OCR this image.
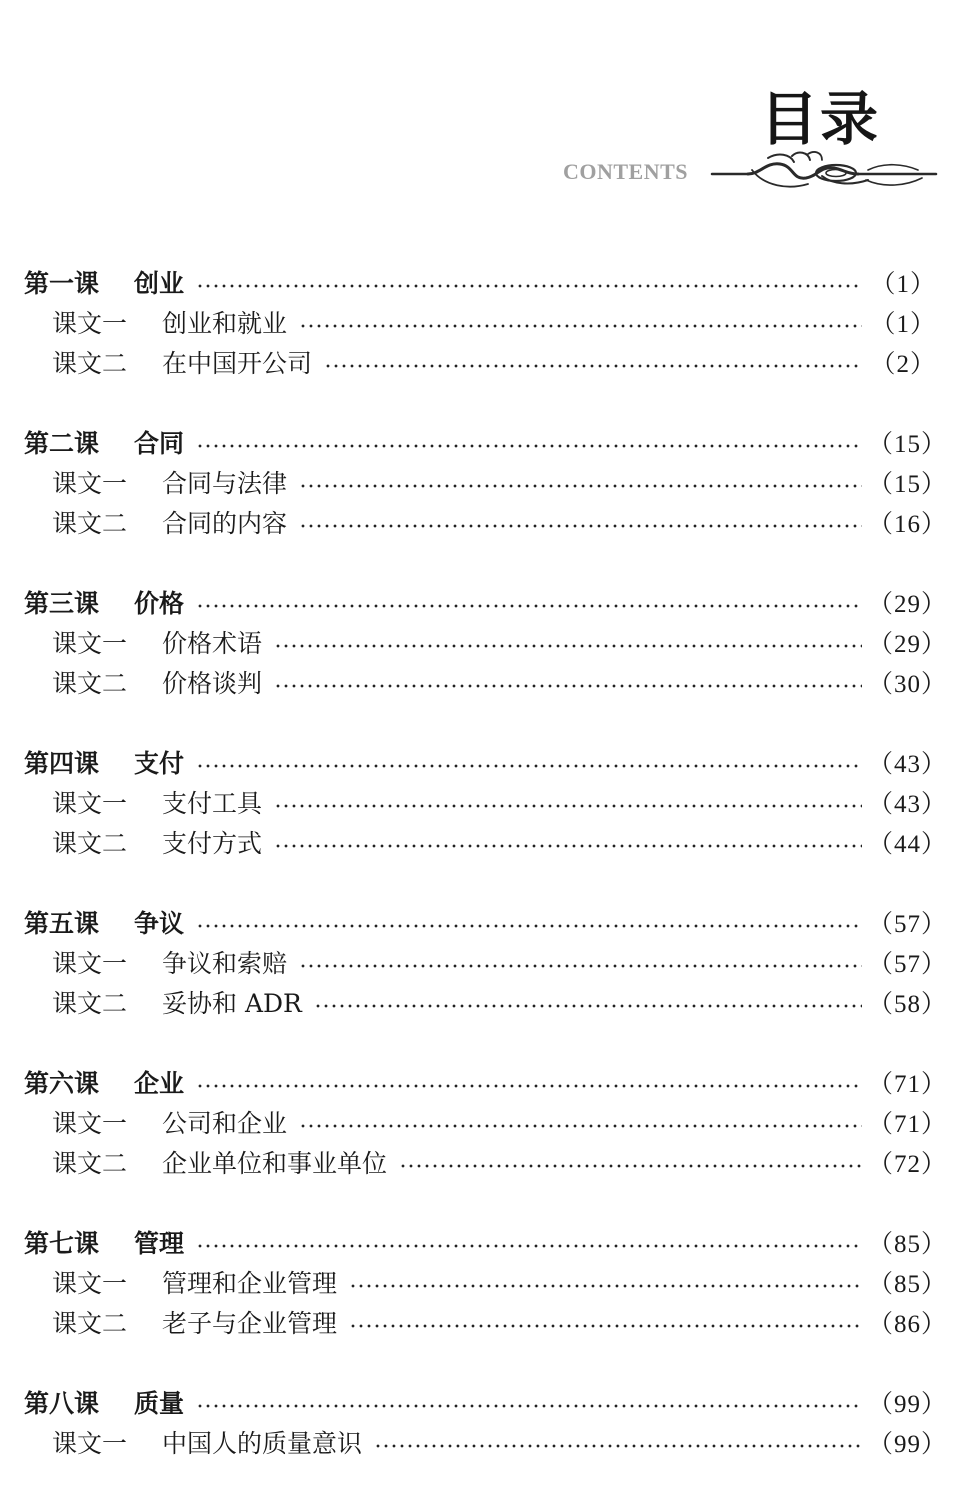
目录
CONTENTS
第一课	创业	（1）
课文一	创业和就业	（1）
课文二	在中国开公司	（2）
第二课	合同	（15）
课文一	合同与法律	（15）
课文二	合同的内容	（16）
第三课	价格	（29）
课文一	价格术语	（29）
课文二	价格谈判	（30）
第四课	支付	（43）
课文一	支付工具	（43）
课文二	支付方式	（44）
第五课	争议	（57）
课文一	争议和索赔	（57）
课文二	妥协和 ADR	（58）
第六课	企业	（71）
课文一	公司和企业	（71）
课文二	企业单位和事业单位	（72）
第七课	管理	（85）
课文一	管理和企业管理	（85）
课文二	老子与企业管理	（86）
第八课	质量	（99）
课文一	中国人的质量意识	（99）
